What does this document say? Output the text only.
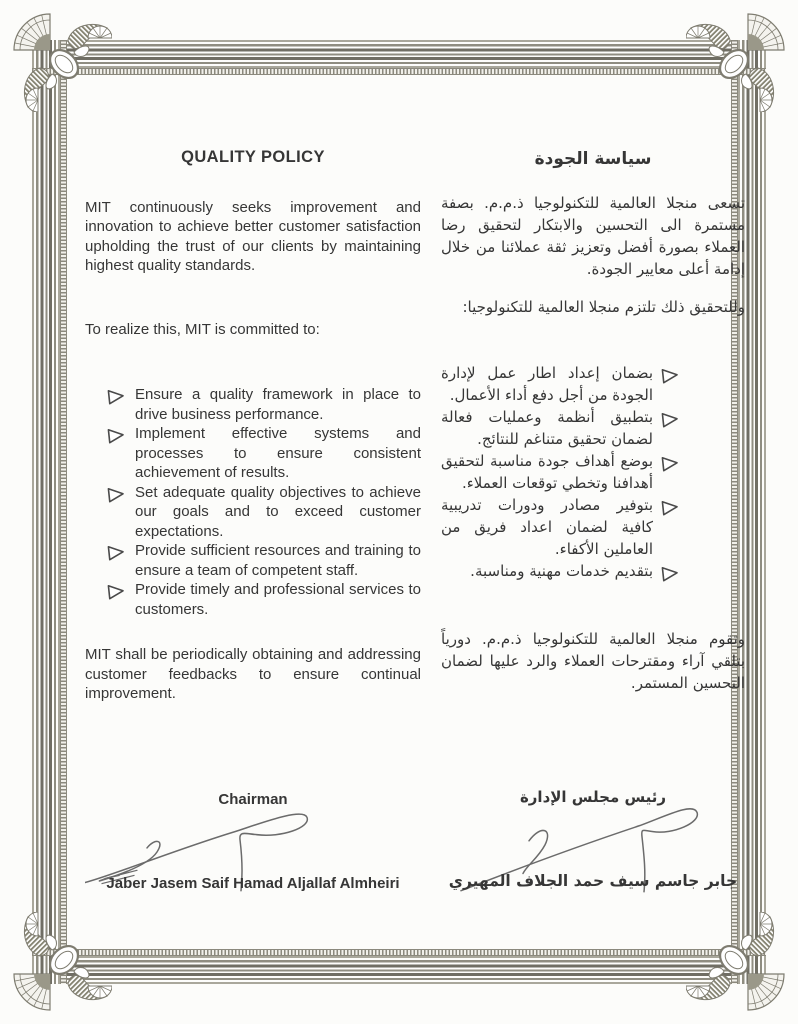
QUALITY POLICY

MIT continuously seeks improvement and innovation to achieve better customer satisfaction upholding the trust of our clients by maintaining highest quality standards.

To realize this, MIT is committed to:

Ensure a quality framework in place to drive business performance.
Implement effective systems and processes to ensure consistent achievement of results.
Set adequate quality objectives to achieve our goals and to exceed customer expectations.
Provide sufficient resources and training to ensure a team of competent staff.
Provide timely and professional services to customers.

MIT shall be periodically obtaining and addressing customer feedbacks to ensure continual improvement.

Chairman
Jaber Jasem Saif Hamad Aljallaf Almheiri
سياسة الجودة

تسعى منجلا العالمية للتكنولوجيا ذ.م.م. بصفة مستمرة الى التحسين والابتكار لتحقيق رضا العملاء بصورة أفضل وتعزيز ثقة عملائنا من خلال إدامة أعلى معايير الجودة.

وللتحقيق ذلك تلتزم منجلا العالمية للتكنولوجيا:

بضمان إعداد اطار عمل لإدارة الجودة من أجل دفع أداء الأعمال.
بتطبيق أنظمة وعمليات فعالة لضمان تحقيق متناغم للنتائج.
بوضع أهداف جودة مناسبة لتحقيق أهدافنا وتخطي توقعات العملاء.
بتوفير مصادر ودورات تدريبية كافية لضمان اعداد فريق من العاملين الأكفاء.
بتقديم خدمات مهنية ومناسبة.

وتقوم منجلا العالمية للتكنولوجيا ذ.م.م. دورياً بتلقي آراء ومقترحات العملاء والرد عليها لضمان التحسين المستمر.

رئيس مجلس الإدارة
جابر جاسم سيف حمد الجلاف المهيري
